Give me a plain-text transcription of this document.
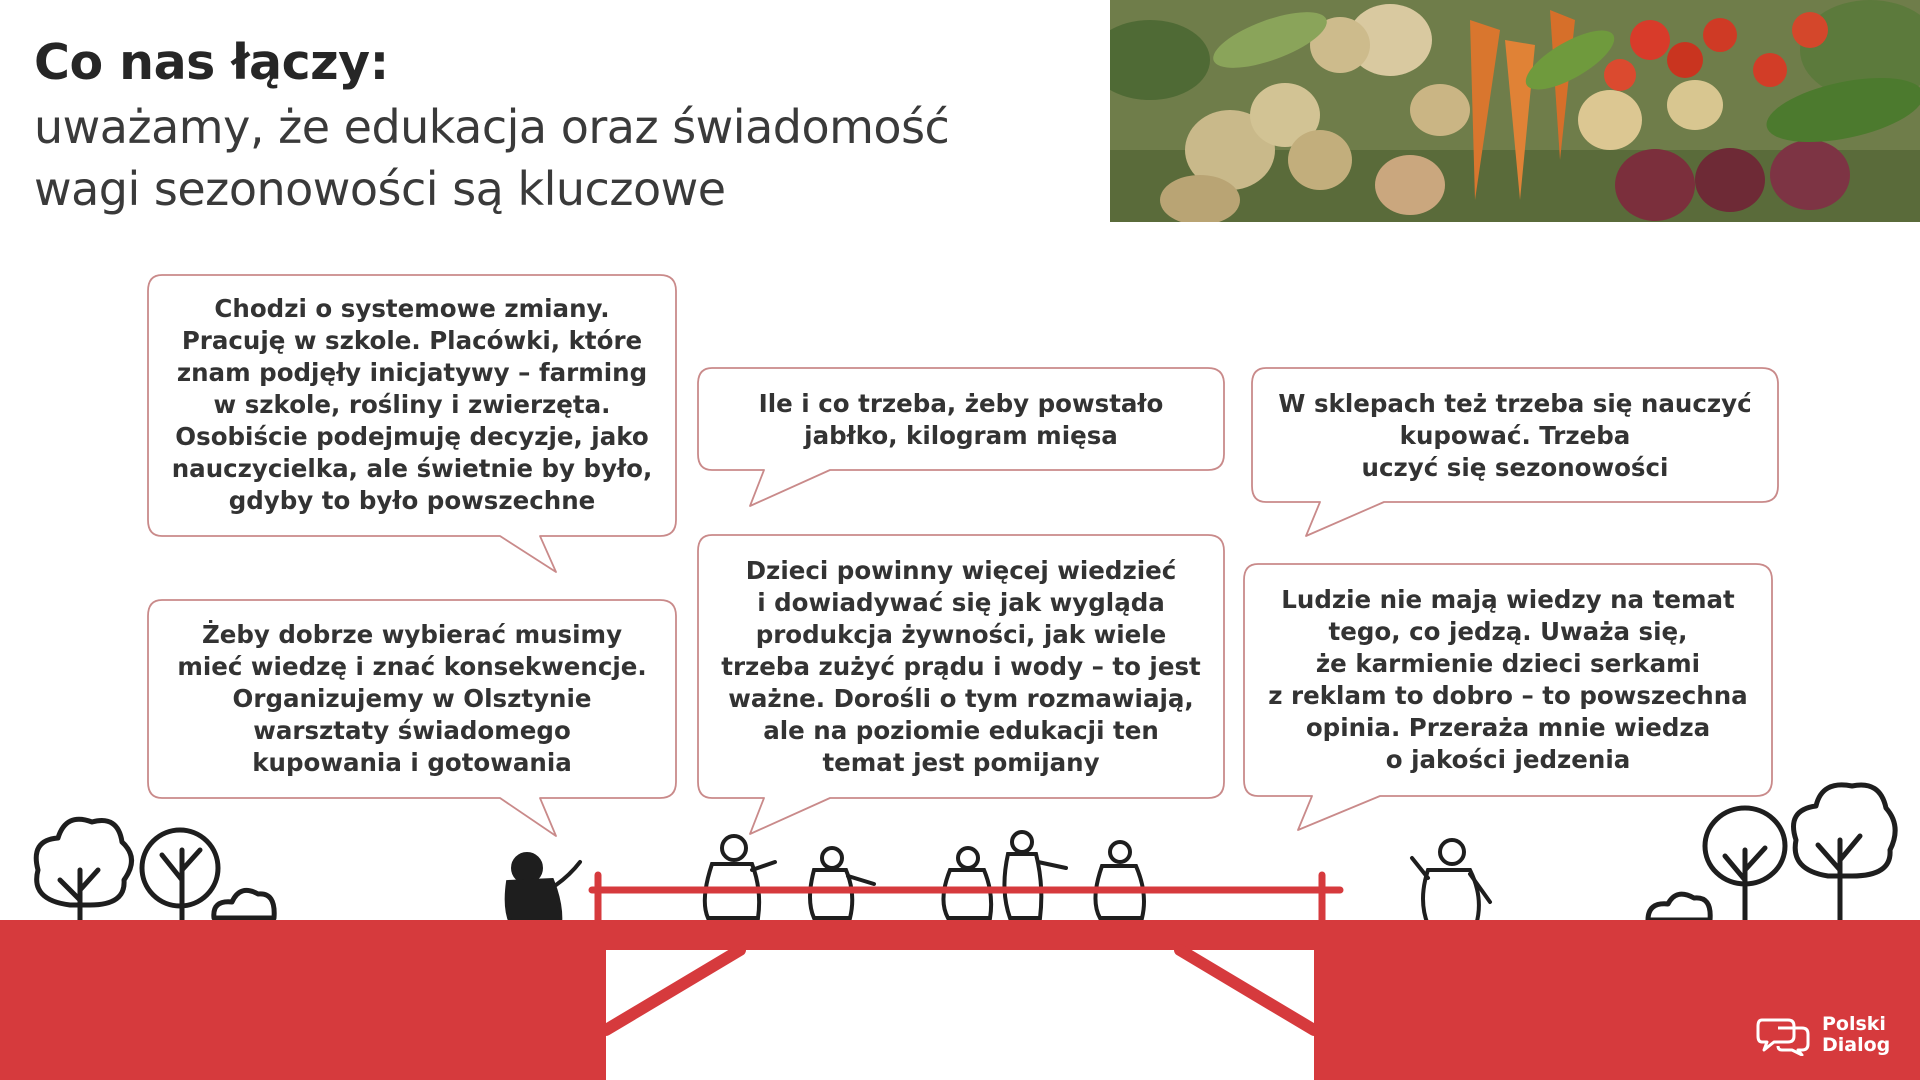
Co nas łączy:
uważamy, że edukacja oraz świadomość
wagi sezonowości są kluczowe

Chodzi o systemowe zmiany.
Pracuję w szkole. Placówki, które
znam podjęły inicjatywy – farming
w szkole, rośliny i zwierzęta.
Osobiście podejmuję decyzje, jako
nauczycielka, ale świetnie by było,
gdyby to było powszechne

Ile i co trzeba, żeby powstało
jabłko, kilogram mięsa

W sklepach też trzeba się nauczyć
kupować. Trzeba
uczyć się sezonowości

Żeby dobrze wybierać musimy
mieć wiedzę i znać konsekwencje.
Organizujemy w Olsztynie
warsztaty świadomego
kupowania i gotowania

Dzieci powinny więcej wiedzieć
i dowiadywać się jak wygląda
produkcja żywności, jak wiele
trzeba zużyć prądu i wody – to jest
ważne. Dorośli o tym rozmawiają,
ale na poziomie edukacji ten
temat jest pomijany

Ludzie nie mają wiedzy na temat
tego, co jedzą. Uważa się,
że karmienie dzieci serkami
z reklam to dobro – to powszechna
opinia. Przeraża mnie wiedza
o jakości jedzenia

Polski
Dialog
